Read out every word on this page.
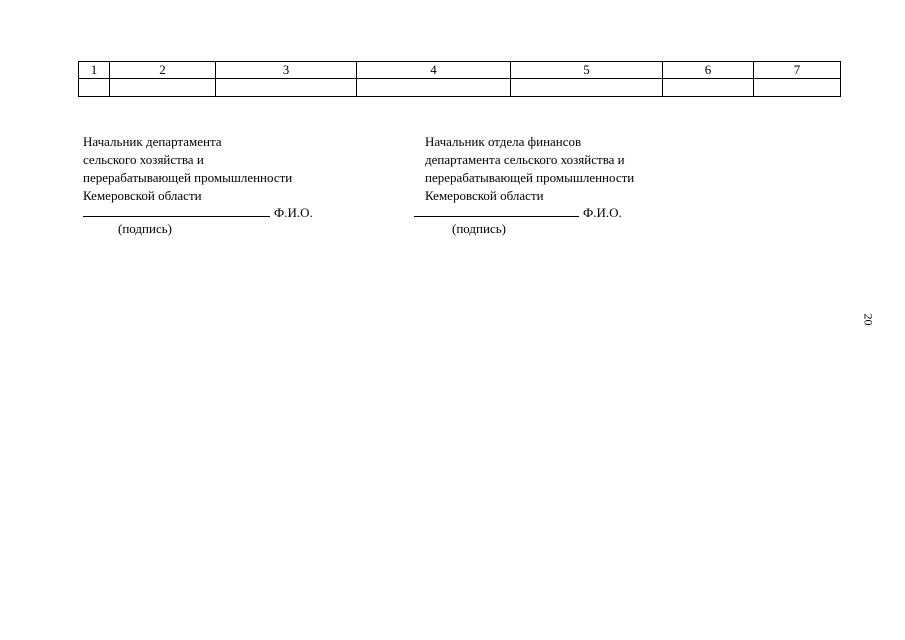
1	2	3	4	5	6	7

Начальник департамента
сельского хозяйства и
перерабатывающей промышленности
Кемеровской области
Ф.И.О.
(подпись)
Начальник отдела финансов
департамента сельского хозяйства и
перерабатывающей промышленности
Кемеровской области
Ф.И.О.
(подпись)
20
